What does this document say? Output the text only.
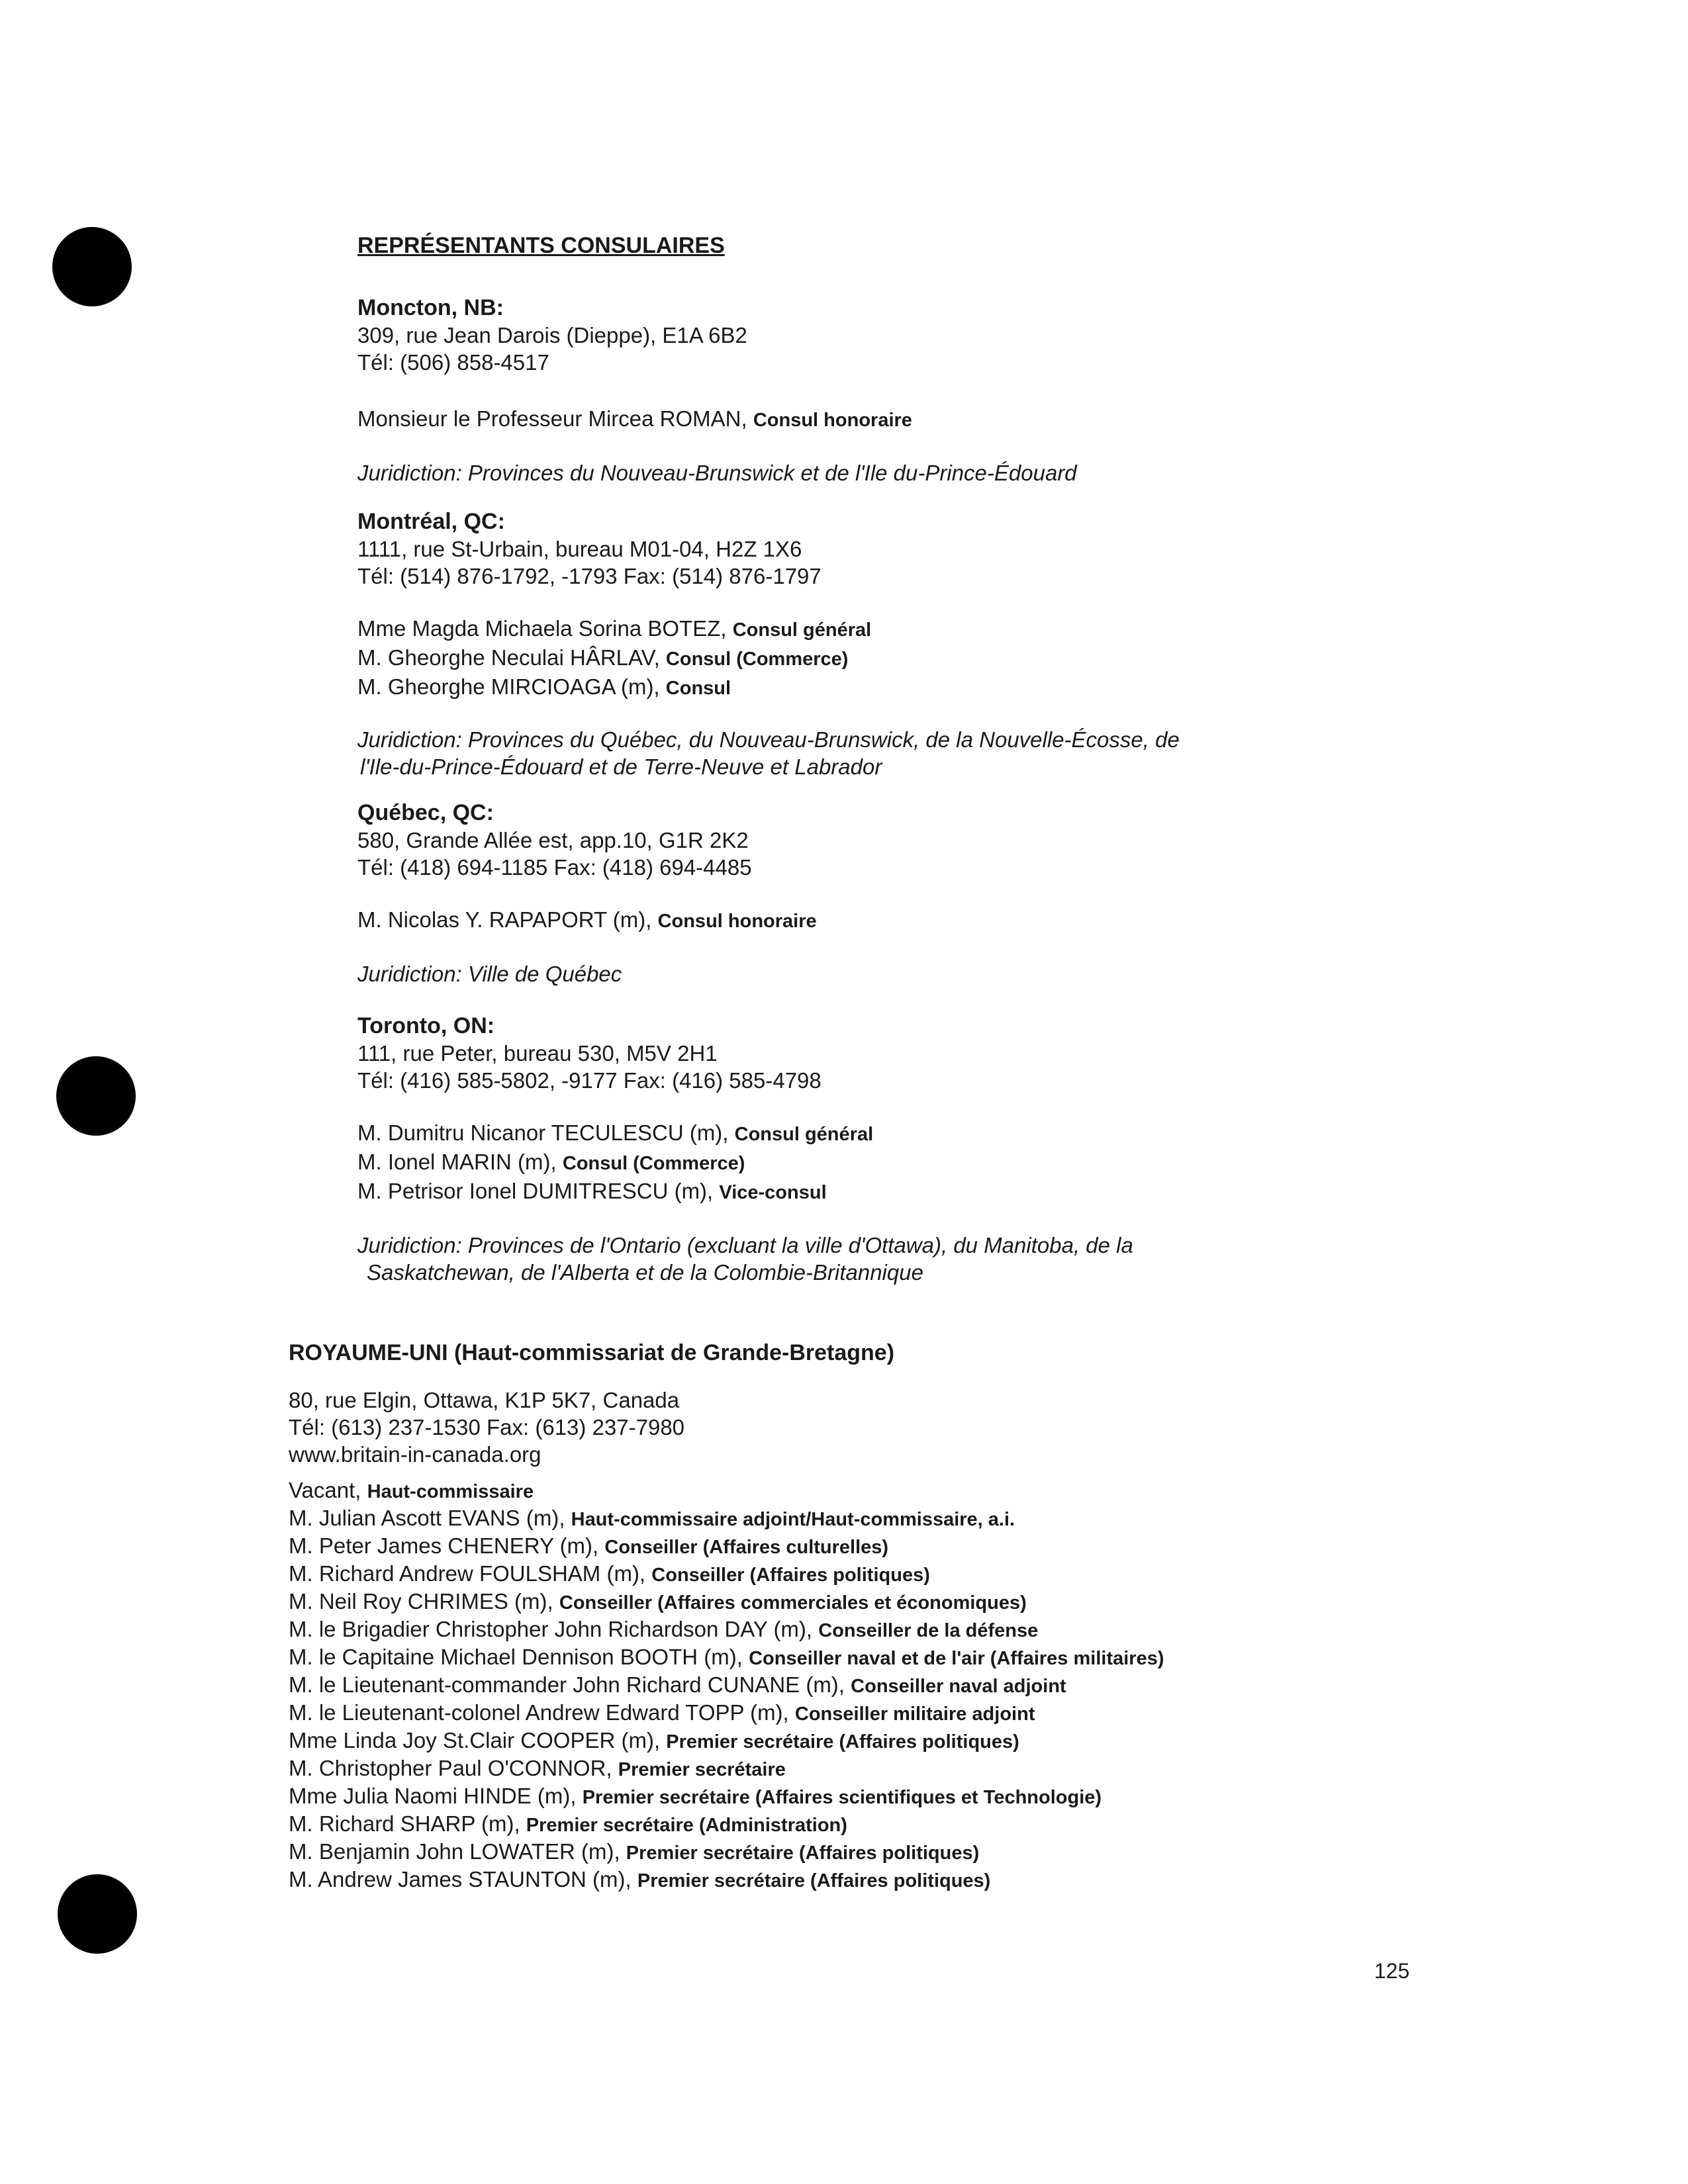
REPRÉSENTANTS CONSULAIRES
Moncton, NB:
309, rue Jean Darois (Dieppe), E1A 6B2
Tél: (506) 858-4517
Monsieur le Professeur Mircea ROMAN, Consul honoraire
Juridiction: Provinces du Nouveau-Brunswick et de l'Ile du-Prince-Édouard
Montréal, QC:
1111, rue St-Urbain, bureau M01-04, H2Z 1X6
Tél: (514) 876-1792, -1793 Fax: (514) 876-1797
Mme Magda Michaela Sorina BOTEZ, Consul général
M. Gheorghe Neculai HÂRLAV, Consul (Commerce)
M. Gheorghe MIRCIOAGA (m), Consul
Juridiction: Provinces du Québec, du Nouveau-Brunswick, de la Nouvelle-Écosse, de
l'Ile-du-Prince-Édouard et de Terre-Neuve et Labrador
Québec, QC:
580, Grande Allée est, app.10, G1R 2K2
Tél: (418) 694-1185 Fax: (418) 694-4485
M. Nicolas Y. RAPAPORT (m), Consul honoraire
Juridiction: Ville de Québec
Toronto, ON:
111, rue Peter, bureau 530, M5V 2H1
Tél: (416) 585-5802, -9177 Fax: (416) 585-4798
M. Dumitru Nicanor TECULESCU (m), Consul général
M. Ionel MARIN (m), Consul (Commerce)
M. Petrisor Ionel DUMITRESCU (m), Vice-consul
Juridiction: Provinces de l'Ontario (excluant la ville d'Ottawa), du Manitoba, de la
Saskatchewan, de l'Alberta et de la Colombie-Britannique
ROYAUME-UNI (Haut-commissariat de Grande-Bretagne)
80, rue Elgin, Ottawa, K1P 5K7, Canada
Tél: (613) 237-1530 Fax: (613) 237-7980
www.britain-in-canada.org
Vacant, Haut-commissaire
M. Julian Ascott EVANS (m), Haut-commissaire adjoint/Haut-commissaire, a.i.
M. Peter James CHENERY (m), Conseiller (Affaires culturelles)
M. Richard Andrew FOULSHAM (m), Conseiller (Affaires politiques)
M. Neil Roy CHRIMES (m), Conseiller (Affaires commerciales et économiques)
M. le Brigadier Christopher John Richardson DAY (m), Conseiller de la défense
M. le Capitaine Michael Dennison BOOTH (m), Conseiller naval et de l'air (Affaires militaires)
M. le Lieutenant-commander John Richard CUNANE (m), Conseiller naval adjoint
M. le Lieutenant-colonel Andrew Edward TOPP (m), Conseiller militaire adjoint
Mme Linda Joy St.Clair COOPER (m), Premier secrétaire (Affaires politiques)
M. Christopher Paul O'CONNOR, Premier secrétaire
Mme Julia Naomi HINDE (m), Premier secrétaire (Affaires scientifiques et Technologie)
M. Richard SHARP (m), Premier secrétaire (Administration)
M. Benjamin John LOWATER (m), Premier secrétaire (Affaires politiques)
M. Andrew James STAUNTON (m), Premier secrétaire (Affaires politiques)
125
